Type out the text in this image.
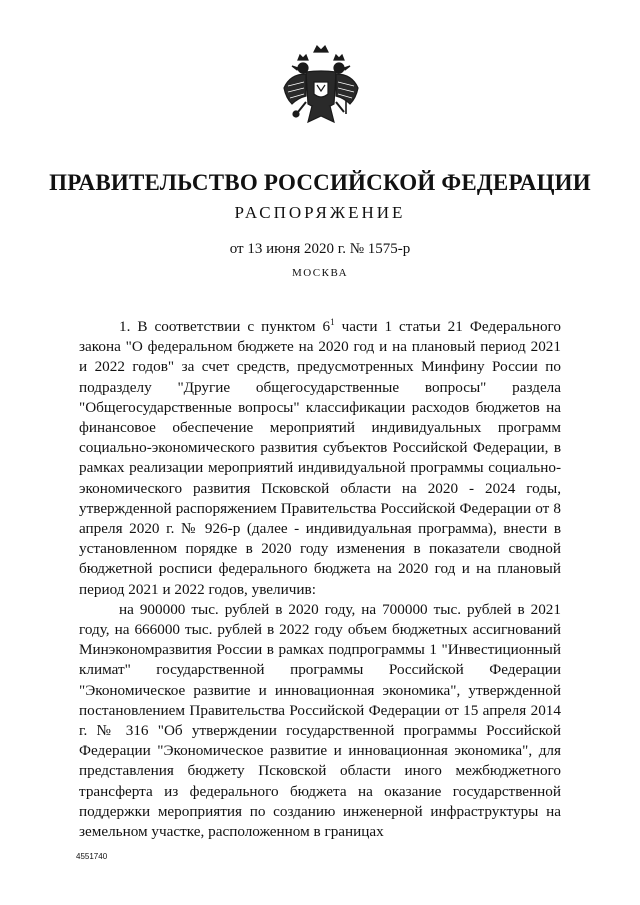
ПРАВИТЕЛЬСТВО РОССИЙСКОЙ ФЕДЕРАЦИИ
РАСПОРЯЖЕНИЕ
от 13 июня 2020 г. № 1575-р
МОСКВА

1. В соответствии с пунктом $6^1$ части 1 статьи 21 Федерального закона "О федеральном бюджете на 2020 год и на плановый период 2021 и 2022 годов" за счет средств, предусмотренных Минфину России по подразделу "Другие общегосударственные вопросы" раздела "Общегосударственные вопросы" классификации расходов бюджетов на финансовое обеспечение мероприятий индивидуальных программ социально-экономического развития субъектов Российской Федерации, в рамках реализации мероприятий индивидуальной программы социально-экономического развития Псковской области на 2020 - 2024 годы, утвержденной распоряжением Правительства Российской Федерации от 8 апреля 2020 г. № 926-р (далее - индивидуальная программа), внести в установленном порядке в 2020 году изменения в показатели сводной бюджетной росписи федерального бюджета на 2020 год и на плановый период 2021 и 2022 годов, увеличив:

на 900000 тыс. рублей в 2020 году, на 700000 тыс. рублей в 2021 году, на 666000 тыс. рублей в 2022 году объем бюджетных ассигнований Минэкономразвития России в рамках подпрограммы 1 "Инвестиционный климат" государственной программы Российской Федерации "Экономическое развитие и инновационная экономика", утвержденной постановлением Правительства Российской Федерации от 15 апреля 2014 г. № 316 "Об утверждении государственной программы Российской Федерации "Экономическое развитие и инновационная экономика", для представления бюджету Псковской области иного межбюджетного трансферта из федерального бюджета на оказание государственной поддержки мероприятия по созданию инженерной инфраструктуры на земельном участке, расположенном в границах

4551740
